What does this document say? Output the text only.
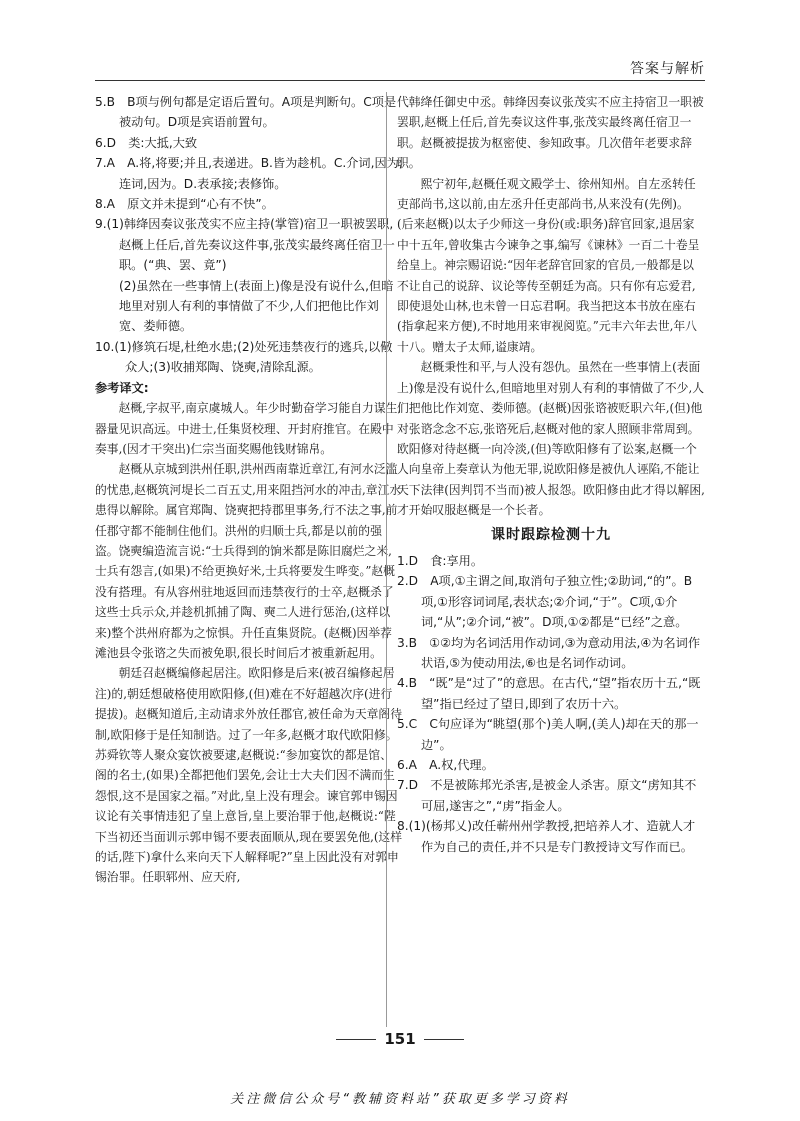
答案与解析

5.B　B项与例句都是定语后置句。A项是判断句。C项是被动句。D项是宾语前置句。

6.D　类:大抵,大致

7.A　A.将,将要;并且,表递进。B.皆为趁机。C.介词,因为;连词,因为。D.表承接;表修饰。

8.A　原文并未提到“心有不快”。

9.(1)韩绛因奏议张茂实不应主持(掌管)宿卫一职被罢职,赵概上任后,首先奏议这件事,张茂实最终离任宿卫一职。(“典、罢、竟”)

(2)虽然在一些事情上(表面上)像是没有说什么,但暗地里对别人有利的事情做了不少,人们把他比作刘宽、娄师德。

10.(1)修筑石堤,杜绝水患;(2)处死违禁夜行的逃兵,以儆众人;(3)收捕郑陶、饶奭,清除乱源。

参考译文:

赵概,字叔平,南京虞城人。年少时勤奋学习能自力谋生,器量见识高远。中进士,任集贤校理、开封府推官。在殿中奏事,(因才干突出)仁宗当面奖赐他钱财锦帛。

赵概从京城到洪州任职,洪州西南靠近章江,有河水泛滥的忧患,赵概筑河堤长二百五丈,用来阻挡河水的冲击,章江水患得以解除。属官郑陶、饶奭把持郡里事务,行不法之事,前任郡守都不能制住他们。洪州的归顺士兵,都是以前的强盗。饶奭编造流言说:“士兵得到的饷米都是陈旧腐烂之米,士兵有怨言,(如果)不给更换好米,士兵将要发生哗变。”赵概没有搭理。有从容州驻地返回而违禁夜行的士卒,赵概杀了这些士兵示众,并趁机抓捕了陶、奭二人进行惩治,(这样以来)整个洪州府都为之惊惧。升任直集贤院。(赵概)因举荐滩池县令张谘之失而被免职,很长时间后才被重新起用。

朝廷召赵概编修起居注。欧阳修是后来(被召编修起居注)的,朝廷想破格使用欧阳修,(但)难在不好超越次序(进行提拔)。赵概知道后,主动请求外放任郡官,被任命为天章阁待制,欧阳修于是任知制诰。过了一年多,赵概才取代欧阳修。苏舜钦等人聚众宴饮被要逮,赵概说:“参加宴饮的都是馆、阁的名士,(如果)全都把他们罢免,会让士大夫们因不满而生怨恨,这不是国家之福。”对此,皇上没有理会。谏官郭申锡因议论有关事情违犯了皇上意旨,皇上要治罪于他,赵概说:“陛下当初还当面训示郭申锡不要表面顺从,现在要罢免他,(这样的话,陛下)拿什么来向天下人解释呢?”皇上因此没有对郭申锡治罪。任职郓州、应天府,

代韩绛任御史中丞。韩绛因奏议张茂实不应主持宿卫一职被罢职,赵概上任后,首先奏议这件事,张茂实最终离任宿卫一职。赵概被提拔为枢密使、参知政事。几次借年老要求辞职。

熙宁初年,赵概任观文殿学士、徐州知州。自左丞转任吏部尚书,这以前,由左丞升任吏部尚书,从来没有(先例)。(后来赵概)以太子少师这一身份(或:职务)辞官回家,退居家中十五年,曾收集古今谏争之事,编写《谏林》一百二十卷呈给皇上。神宗赐诏说:“因年老辞官回家的官员,一般都是以不让自己的说辞、议论等传至朝廷为高。只有你有忘爱君,即使退处山林,也未曾一日忘君啊。我当把这本书放在座右(指拿起来方便),不时地用来审视阅览。”元丰六年去世,年八十八。赠太子太师,谥康靖。

赵概秉性和平,与人没有怨仇。虽然在一些事情上(表面上)像是没有说什么,但暗地里对别人有利的事情做了不少,人们把他比作刘宽、娄师德。(赵概)因张谘被贬职六年,(但)他对张谘念念不忘,张谘死后,赵概对他的家人照顾非常周到。欧阳修对待赵概一向冷淡,(但)等欧阳修有了讼案,赵概一个人向皇帝上奏章认为他无罪,说欧阳修是被仇人诬陷,不能让天下法律(因判罚不当而)被人报怨。欧阳修由此才得以解困,才开始叹服赵概是一个长者。

课时跟踪检测十九

1.D　食:享用。

2.D　A项,①主谓之间,取消句子独立性;②助词,“的”。B项,①形容词词尾,表状态;②介词,“于”。C项,①介词,“从”;②介词,“被”。D项,①②都是“已经”之意。

3.B　①②均为名词活用作动词,③为意动用法,④为名词作状语,⑤为使动用法,⑥也是名词作动词。

4.B　“既”是“过了”的意思。在古代,“望”指农历十五,“既望”指已经过了望日,即到了农历十六。

5.C　C句应译为“眺望(那个)美人啊,(美人)却在天的那一边”。

6.A　A.权,代理。

7.D　不是被陈邦光杀害,是被金人杀害。原文“虏知其不可屈,遂害之”,“虏”指金人。

8.(1)(杨邦乂)改任蕲州州学教授,把培养人才、造就人才作为自己的责任,并不只是专门教授诗文写作而已。

151
关注微信公众号“教辅资料站”获取更多学习资料
